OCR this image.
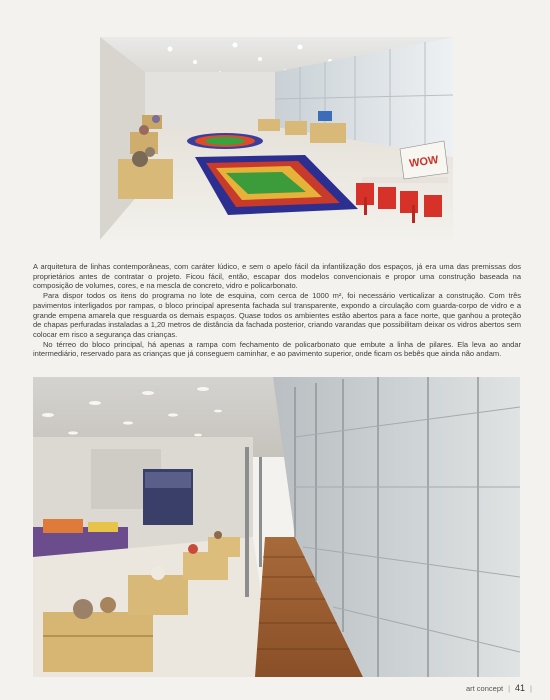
WOW

A arquitetura de linhas contemporâneas, com caráter lúdico, e sem o apelo fácil da infantilização dos espaços, já era uma das premissas dos proprietários antes de contratar o projeto. Ficou fácil, então, escapar dos modelos convencionais e propor uma construção baseada na composição de volumes, cores, e na mescla de concreto, vidro e policarbonato.

Para dispor todos os itens do programa no lote de esquina, com cerca de 1000 m², foi necessário verticalizar a construção. Com três pavimentos interligados por rampas, o bloco principal apresenta fachada sul transparente, expondo a circulação com guarda-corpo de vidro e a grande empena amarela que resguarda os demais espaços. Quase todos os ambientes estão abertos para a face norte, que ganhou a proteção de chapas perfuradas instaladas a 1,20 metros de distância da fachada posterior, criando varandas que possibilitam deixar os vidros abertos sem colocar em risco a segurança das crianças.

No térreo do bloco principal, há apenas a rampa com fechamento de policarbonato que embute a linha de pilares. Ela leva ao andar intermediário, reservado para as crianças que já conseguem caminhar, e ao pavimento superior, onde ficam os bebês que ainda não andam.

art concept | 41 |
